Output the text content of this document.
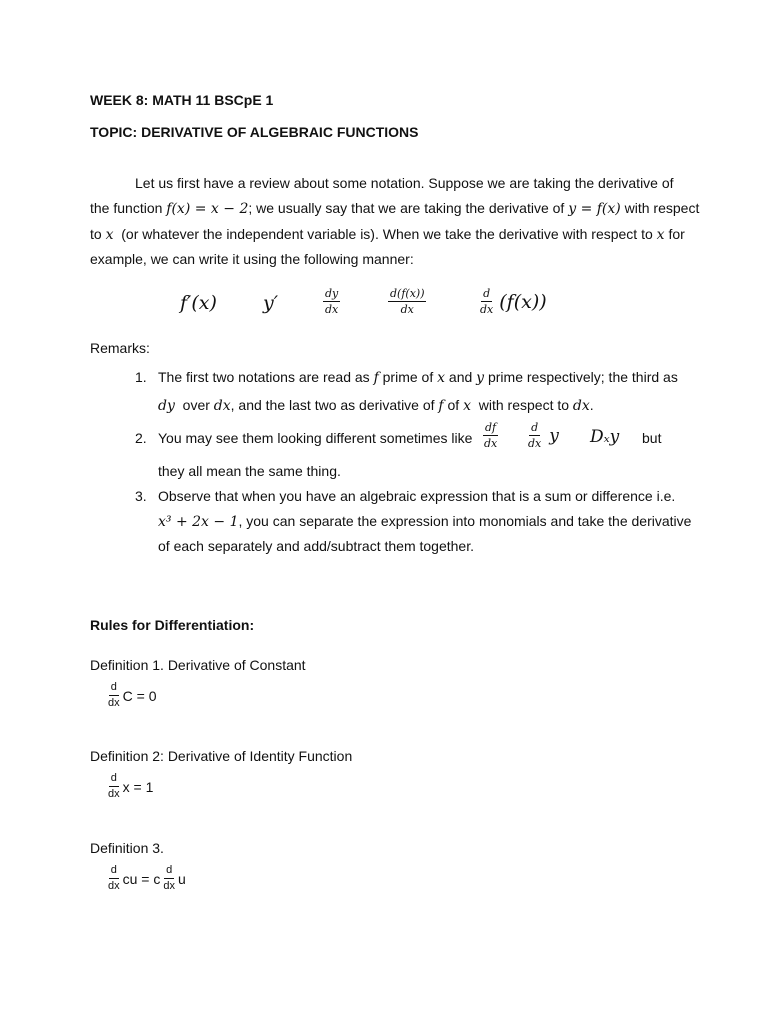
WEEK 8: MATH 11 BSCpE 1
TOPIC: DERIVATIVE OF ALGEBRAIC FUNCTIONS
Let us first have a review about some notation. Suppose we are taking the derivative of
the function f(x) = x − 2; we usually say that we are taking the derivative of y = f(x) with respect
to x (or whatever the independent variable is). When we take the derivative with respect to x for
example, we can write it using the following manner:
f′(x) y′	$\frac{dy}{dx}$	$\frac{d(f(x))}{dx}$	$\frac{d}{dx} (f(x))$
Remarks:
1. The first two notations are read as f prime of x and y prime respectively; the third as
dy over dx, and the last two as derivative of f of x with respect to dx.
2. You may see them looking different sometimes like $\frac{df}{dx}$	$\frac{d}{dx}$ y Dₓy but
they all mean the same thing.
3. Observe that when you have an algebraic expression that is a sum or difference i.e.
x³ + 2x − 1, you can separate the expression into monomials and take the derivative
of each separately and add/subtract them together.
Rules for Differentiation:
Definition 1. Derivative of Constant
$\frac{d}{dx}$ C = 0
Definition 2: Derivative of Identity Function
$\frac{d}{dx}$ x = 1
Definition 3.
$\frac{d}{dx}$ cu = c $\frac{d}{dx}$ u
